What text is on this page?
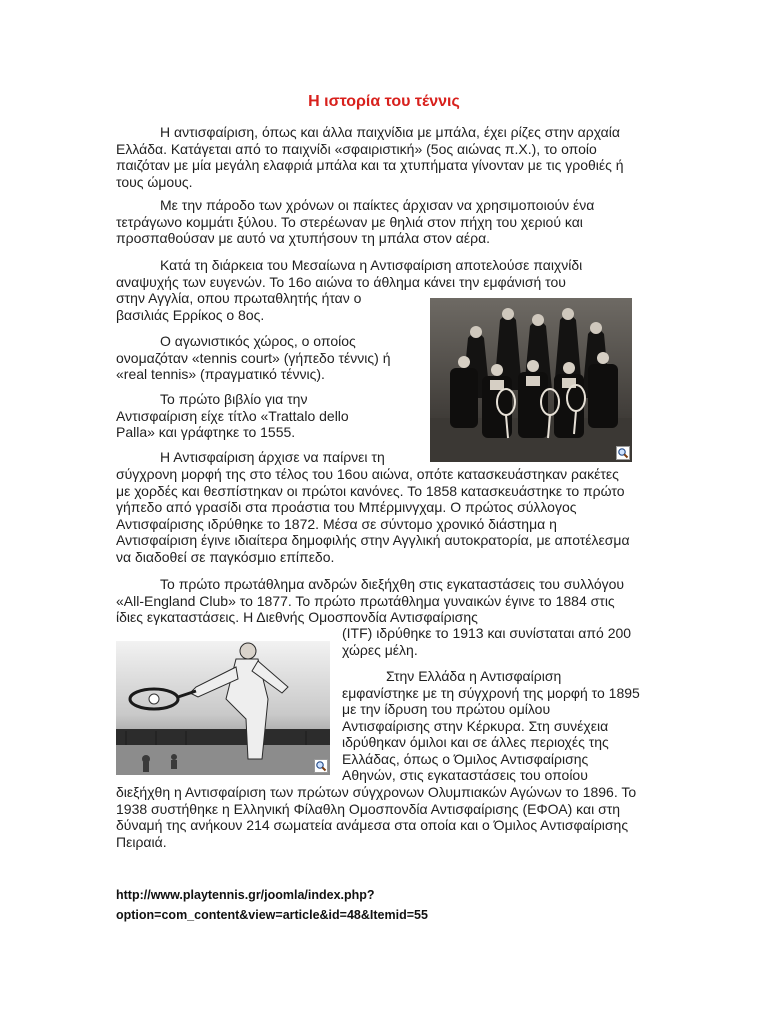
Η ιστορία του τέννις

Η αντισφαίριση, όπως και άλλα παιχνίδια με μπάλα, έχει ρίζες στην αρχαία Ελλάδα. Κατάγεται από το παιχνίδι «σφαιριστική» (5ος αιώνας π.Χ.), το οποίο παιζόταν με μία μεγάλη ελαφριά μπάλα και τα χτυπήματα γίνονταν με τις γροθιές ή τους ώμους.

Με την πάροδο των χρόνων οι παίκτες άρχισαν να χρησιμοποιούν ένα τετράγωνο κομμάτι ξύλου. Το στερέωναν με θηλιά στον πήχη του χεριού και προσπαθούσαν με αυτό να χτυπήσουν τη μπάλα στον αέρα.

Κατά τη διάρκεια του Μεσαίωνα η Αντισφαίριση αποτελούσε παιχνίδι αναψυχής των ευγενών. Το 16ο αιώνα το άθλημα κάνει την εμφάνισή του

στην Αγγλία, οπου πρωταθλητής ήταν ο βασιλιάς Ερρίκος ο 8ος.

Ο αγωνιστικός χώρος, ο οποίος ονομαζόταν «tennis court» (γήπεδο τέννις) ή «real tennis» (πραγματικό τέννις).

Το πρώτο βιβλίο για την Αντισφαίριση είχε τίτλο «Trattalo dello Palla» και γράφτηκε το 1555.

Η Αντισφαίριση άρχισε να παίρνει τη

σύγχρονη μορφή της στο τέλος του 16ου αιώνα, οπότε κατασκευάστηκαν ρακέτες με χορδές και θεσπίστηκαν οι πρώτοι κανόνες. Το 1858 κατασκευάστηκε το πρώτο γήπεδο από γρασίδι στα προάστια του Μπέρμινγχαμ. Ο πρώτος σύλλογος Αντισφαίρισης ιδρύθηκε το 1872. Μέσα σε σύντομο χρονικό διάστημα η Αντισφαίριση έγινε ιδιαίτερα δημοφιλής στην Αγγλική αυτοκρατορία, με αποτέλεσμα να διαδοθεί σε παγκόσμιο επίπεδο.

Το πρώτο πρωτάθλημα ανδρών διεξήχθη στις εγκαταστάσεις του συλλόγου «All-England Club» το 1877. Το πρώτο πρωτάθλημα γυναικών έγινε το 1884 στις ίδιες εγκαταστάσεις. Η Διεθνής Ομοσπονδία Αντισφαίρισης

(ITF) ιδρύθηκε το 1913 και συνίσταται από 200 χώρες μέλη.

Στην Ελλάδα η Αντισφαίριση εμφανίστηκε με τη σύγχρονή της μορφή το 1895 με την ίδρυση του πρώτου ομίλου Αντισφαίρισης στην Κέρκυρα. Στη συνέχεια ιδρύθηκαν όμιλοι και σε άλλες περιοχές της Ελλάδας, όπως ο Όμιλος Αντισφαίρισης Αθηνών, στις εγκαταστάσεις του οποίου

διεξήχθη η Αντισφαίριση των πρώτων σύγχρονων Ολυμπιακών Αγώνων το 1896. Το 1938 συστήθηκε η Ελληνική Φίλαθλη Ομοσπονδία Αντισφαίρισης (ΕΦΟΑ) και στη δύναμή της ανήκουν 214 σωματεία ανάμεσα στα οποία και ο Όμιλος Αντισφαίρισης Πειραιά.

http://www.playtennis.gr/joomla/index.php?
option=com_content&view=article&id=48&Itemid=55
